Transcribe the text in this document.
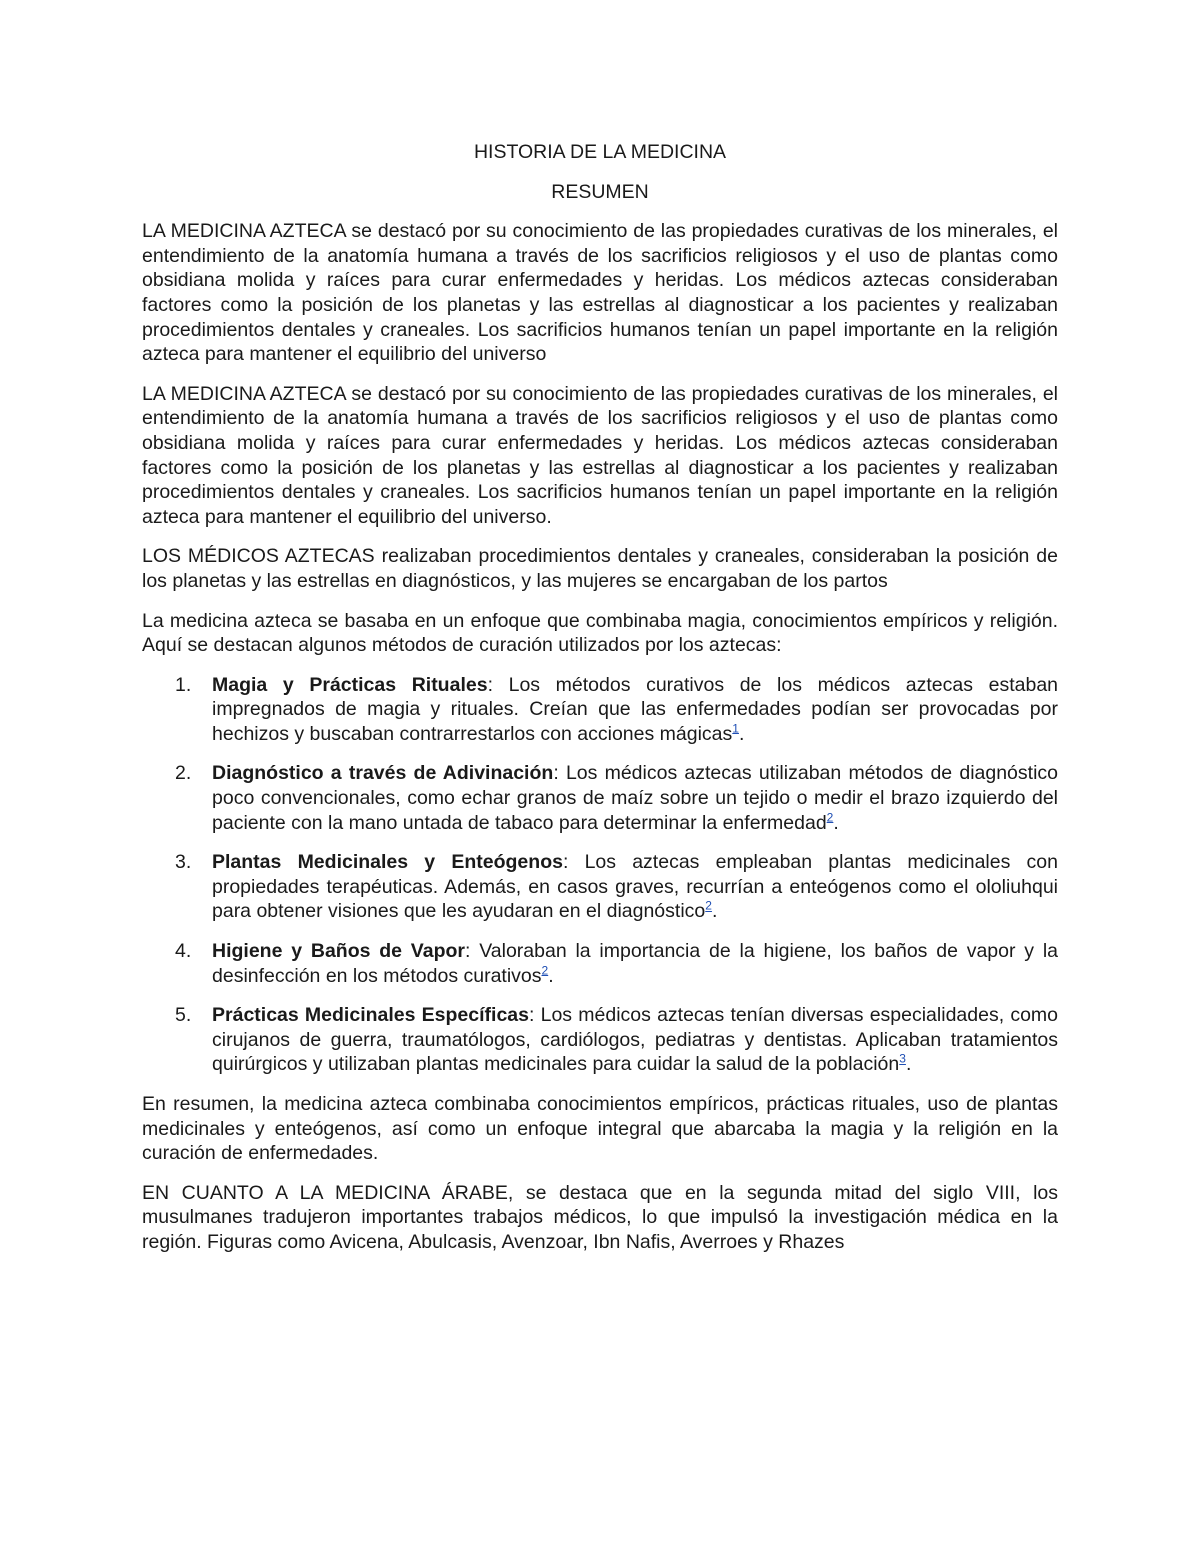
HISTORIA DE LA MEDICINA
RESUMEN

LA MEDICINA AZTECA se destacó por su conocimiento de las propiedades curativas de los minerales, el entendimiento de la anatomía humana a través de los sacrificios religiosos y el uso de plantas como obsidiana molida y raíces para curar enfermedades y heridas. Los médicos aztecas consideraban factores como la posición de los planetas y las estrellas al diagnosticar a los pacientes y realizaban procedimientos dentales y craneales. Los sacrificios humanos tenían un papel importante en la religión azteca para mantener el equilibrio del universo

LA MEDICINA AZTECA se destacó por su conocimiento de las propiedades curativas de los minerales, el entendimiento de la anatomía humana a través de los sacrificios religiosos y el uso de plantas como obsidiana molida y raíces para curar enfermedades y heridas. Los médicos aztecas consideraban factores como la posición de los planetas y las estrellas al diagnosticar a los pacientes y realizaban procedimientos dentales y craneales. Los sacrificios humanos tenían un papel importante en la religión azteca para mantener el equilibrio del universo.

LOS MÉDICOS AZTECAS realizaban procedimientos dentales y craneales, consideraban la posición de los planetas y las estrellas en diagnósticos, y las mujeres se encargaban de los partos

La medicina azteca se basaba en un enfoque que combinaba magia, conocimientos empíricos y religión. Aquí se destacan algunos métodos de curación utilizados por los aztecas:

1. Magia y Prácticas Rituales: Los métodos curativos de los médicos aztecas estaban impregnados de magia y rituales. Creían que las enfermedades podían ser provocadas por hechizos y buscaban contrarrestarlos con acciones mágicas$^1$.
2. Diagnóstico a través de Adivinación: Los médicos aztecas utilizaban métodos de diagnóstico poco convencionales, como echar granos de maíz sobre un tejido o medir el brazo izquierdo del paciente con la mano untada de tabaco para determinar la enfermedad$^2$.
3. Plantas Medicinales y Enteógenos: Los aztecas empleaban plantas medicinales con propiedades terapéuticas. Además, en casos graves, recurrían a enteógenos como el ololiuhqui para obtener visiones que les ayudaran en el diagnóstico$^2$.
4. Higiene y Baños de Vapor: Valoraban la importancia de la higiene, los baños de vapor y la desinfección en los métodos curativos$^2$.
5. Prácticas Medicinales Específicas: Los médicos aztecas tenían diversas especialidades, como cirujanos de guerra, traumatólogos, cardiólogos, pediatras y dentistas. Aplicaban tratamientos quirúrgicos y utilizaban plantas medicinales para cuidar la salud de la población$^3$.

En resumen, la medicina azteca combinaba conocimientos empíricos, prácticas rituales, uso de plantas medicinales y enteógenos, así como un enfoque integral que abarcaba la magia y la religión en la curación de enfermedades.

EN CUANTO A LA MEDICINA ÁRABE, se destaca que en la segunda mitad del siglo VIII, los musulmanes tradujeron importantes trabajos médicos, lo que impulsó la investigación médica en la región. Figuras como Avicena, Abulcasis, Avenzoar, Ibn Nafis, Averroes y Rhazes
